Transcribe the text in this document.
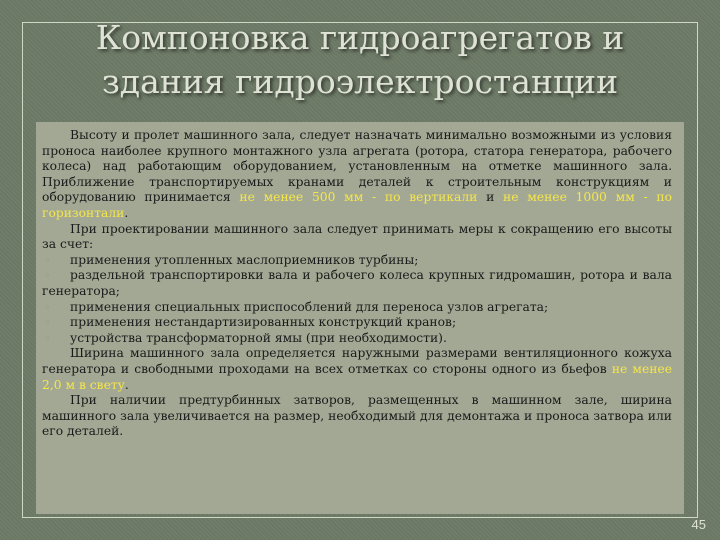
Компоновка гидроагрегатов и
здания гидроэлектростанции

Высоту и пролет машинного зала, следует назначать минимально возможными из условия проноса наиболее крупного монтажного узла агрегата (ротора, статора генератора, рабочего колеса) над работающим оборудованием, установленным на отметке машинного зала. Приближение транспортируемых кранами деталей к строительным конструкциям и оборудованию принимается не менее 500 мм - по вертикали и не менее 1000 мм - по горизонтали.

При проектировании машинного зала следует принимать меры к сокращению его высоты за счет:

◦ применения утопленных маслоприемников турбины;

◦ раздельной транспортировки вала и рабочего колеса крупных гидромашин, ротора и вала генератора;

◦ применения специальных приспособлений для переноса узлов агрегата;

◦ применения нестандартизированных конструкций кранов;

◦ устройства трансформаторной ямы (при необходимости).

Ширина машинного зала определяется наружными размерами вентиляционного кожуха генератора и свободными проходами на всех отметках со стороны одного из бьефов не менее 2,0 м в свету.

При наличии предтурбинных затворов, размещенных в машинном зале, ширина машинного зала увеличивается на размер, необходимый для демонтажа и проноса затвора или его деталей.

45
